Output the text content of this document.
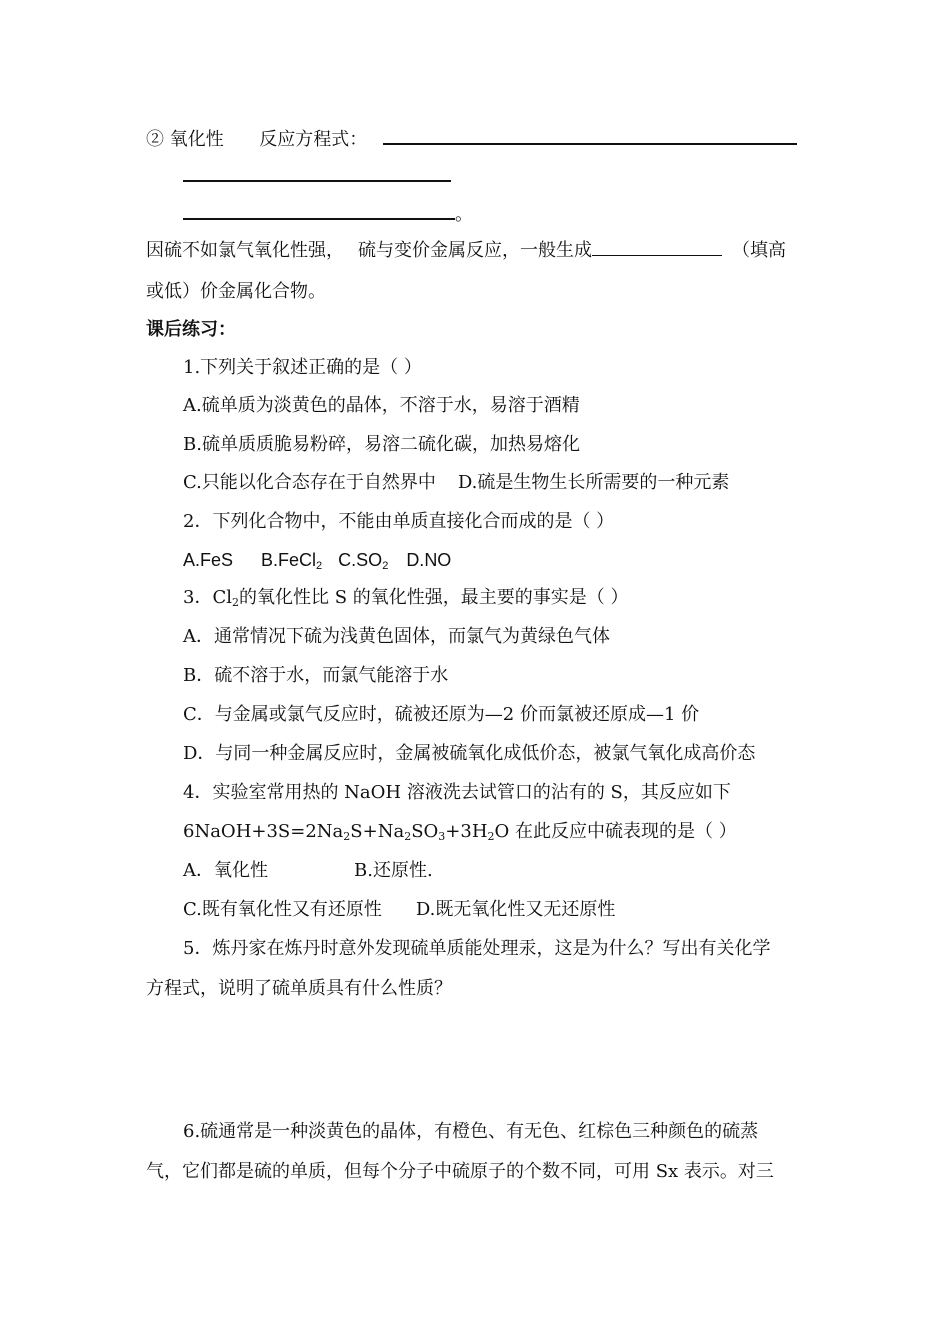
② 氧化性 反应方程式：
。
因硫不如氯气氧化性强， 硫与变价金属反应，一般生成	（填高
或低）价金属化合物。
课后练习：
1.下列关于叙述正确的是（ ）
A.硫单质为淡黄色的晶体，不溶于水，易溶于酒精
B.硫单质质脆易粉碎，易溶二硫化碳，加热易熔化
C.只能以化合态存在于自然界中 D.硫是生物生长所需要的一种元素
2．下列化合物中，不能由单质直接化合而成的是（ ）
A.FeS B.FeCl$_2$ $C.SO_2$ D.NO
3．$Cl_2$的氧化性比 S 的氧化性强，最主要的事实是（ ）
A．通常情况下硫为浅黄色固体，而氯气为黄绿色气体
B．硫不溶于水，而氯气能溶于水
C．与金属或氯气反应时，硫被还原为—2 价而氯被还原成—1 价
D．与同一种金属反应时，金属被硫氧化成低价态，被氯气氧化成高价态
4．实验室常用热的 NaOH 溶液洗去试管口的沾有的 S，其反应如下
$6NaOH+3S=2Na_2S+Na_2SO_3+3H_2O$ 在此反应中硫表现的是（ ）
A．氧化性	B.还原性.
C.既有氧化性又有还原性 D.既无氧化性又无还原性
5．炼丹家在炼丹时意外发现硫单质能处理汞，这是为什么？写出有关化学
方程式，说明了硫单质具有什么性质？
6.硫通常是一种淡黄色的晶体，有橙色、有无色、红棕色三种颜色的硫蒸
气，它们都是硫的单质，但每个分子中硫原子的个数不同，可用 Sx 表示。对三
